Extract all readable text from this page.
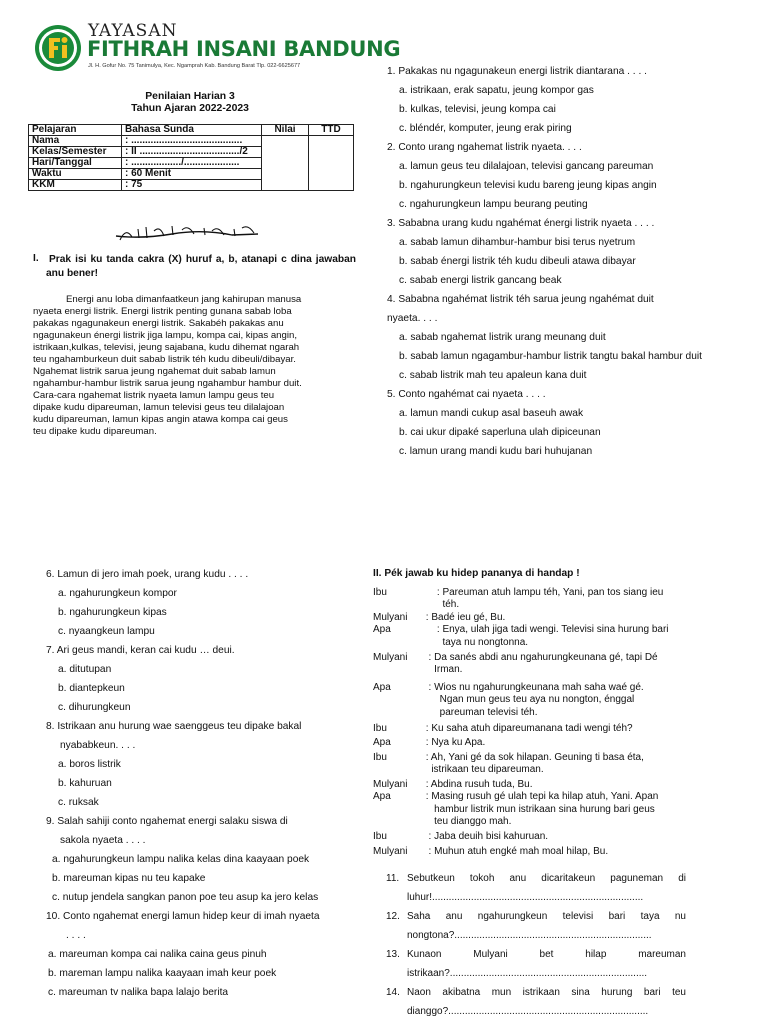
YAYASAN
FITHRAH INSANI BANDUNG
Jl. H. Gofur No. 75 Tanimulya, Kec. Ngamprah Kab. Bandung Barat Tlp. 022-6625677
Penilaian Harian 3
Tahun Ajaran 2022-2023
Pelajaran	Bahasa Sunda	Nilai	TTD
Nama	: ........................................		
Kelas/Semester	: II ..................................../2		
Hari/Tanggal	: ................../....................		
Waktu	: 60 Menit		
KKM	: 75		
I. Prak isi ku tanda cakra (X) huruf a, b, atanapi c dina jawaban anu bener!
Energi anu loba dimanfaatkeun jang kahirupan manusa
nyaeta energi listrik. Energi listrik penting gunana sabab loba
pakakas ngagunakeun energi listrik. Sakabéh pakakas anu
ngagunakeun énergi listrik jiga lampu, kompa cai, kipas angin,
istrikaan,kulkas, televisi, jeung sajabana, kudu dihemat ngarah
teu ngahamburkeun duit sabab listrik téh kudu dibeuli/dibayar.
Ngahemat listrik sarua jeung ngahemat duit sabab lamun
ngahambur-hambur listrik sarua jeung ngahambur hambur duit.
Cara-cara ngahemat listrik nyaeta lamun lampu geus teu
dipake kudu dipareuman, lamun televisi geus teu dilalajoan
kudu dipareuman, lamun kipas angin atawa kompa cai geus
teu dipake kudu dipareuman.
1. Pakakas nu ngagunakeun energi listrik diantarana . . . .
a. istrikaan, erak sapatu, jeung kompor gas
b. kulkas, televisi, jeung kompa cai
c. bléndér, komputer, jeung erak piring
2. Conto urang ngahemat listrik nyaeta. . . .
a. lamun geus teu dilalajoan, televisi gancang pareuman
b. ngahurungkeun televisi kudu bareng jeung kipas angin
c. ngahurungkeun lampu beurang peuting
3. Sababna urang kudu ngahémat énergi listrik nyaeta . . . .
a. sabab lamun dihambur-hambur bisi terus nyetrum
b. sabab énergi listrik téh kudu dibeuli atawa dibayar
c. sabab energi listrik gancang beak
4. Sababna ngahémat listrik téh sarua jeung ngahémat duit
nyaeta. . . .
a. sabab ngahemat listrik urang meunang duit
b. sabab lamun ngagambur-hambur listrik tangtu bakal hambur duit
c. sabab listrik mah teu apaleun kana duit
5. Conto ngahémat cai nyaeta . . . .
a. lamun mandi cukup asal baseuh awak
b. cai ukur dipaké saperluna ulah dipiceunan
c. lamun urang mandi kudu bari huhujanan
6. Lamun di jero imah poek, urang kudu . . . .
a. ngahurungkeun kompor
b. ngahurungkeun kipas
c. nyaangkeun lampu
7. Ari geus mandi, keran cai kudu … deui.
a. ditutupan
b. diantepkeun
c. dihurungkeun
8. Istrikaan anu hurung wae saenggeus teu dipake bakal
nyababkeun. . . .
a. boros listrik
b. kahuruan
c. ruksak
9. Salah sahiji conto ngahemat energi salaku siswa di
sakola nyaeta . . . .
a. ngahurungkeun lampu nalika kelas dina kaayaan poek
b. mareuman kipas nu teu kapake
c. nutup jendela sangkan panon poe teu asup ka jero kelas
10. Conto ngahemat energi lamun hidep keur di imah nyaeta
. . . .
a. mareuman kompa cai nalika caina geus pinuh
b. mareman lampu nalika kaayaan imah keur poek
c. mareuman tv nalika bapa lalajo berita
II. Pék jawab ku hidep pananya di handap !
Ibu	: Pareuman atuh lampu téh, Yani, pan tos siang ieu
téh.
Mulyani	: Badé ieu gé, Bu.
Apa	: Enya, ulah jiga tadi wengi. Televisi sina hurung bari
taya nu nongtonna.
Mulyani	: Da sanés abdi anu ngahurungkeunana gé, tapi Dé
Irman.
Apa	: Wios nu ngahurungkeunana mah saha waé gé.
Ngan mun geus teu aya nu nongton, énggal
pareuman televisi téh.
Ibu	: Ku saha atuh dipareumanana tadi wengi téh?
Apa	: Nya ku Apa.
Ibu	: Ah, Yani gé da sok hilapan. Geuning ti basa éta,
istrikaan teu dipareuman.
Mulyani	: Abdina rusuh tuda, Bu.
Apa	: Masing rusuh gé ulah tepi ka hilap atuh, Yani. Apan
hambur listrik mun istrikaan sina hurung bari geus
teu dianggo mah.
Ibu	: Jaba deuih bisi kahuruan.
Mulyani	: Muhun atuh engké mah moal hilap, Bu.
11. Sebutkeun tokoh anu dicaritakeun paguneman di
luhur!............................................................................
12. Saha anu ngahurungkeun televisi bari taya nu
nongtona?.......................................................................
13. Kunaon Mulyani bet hilap mareuman
istrikaan?.......................................................................
14. Naon akibatna mun istrikaan sina hurung bari teu
dianggo?........................................................................
